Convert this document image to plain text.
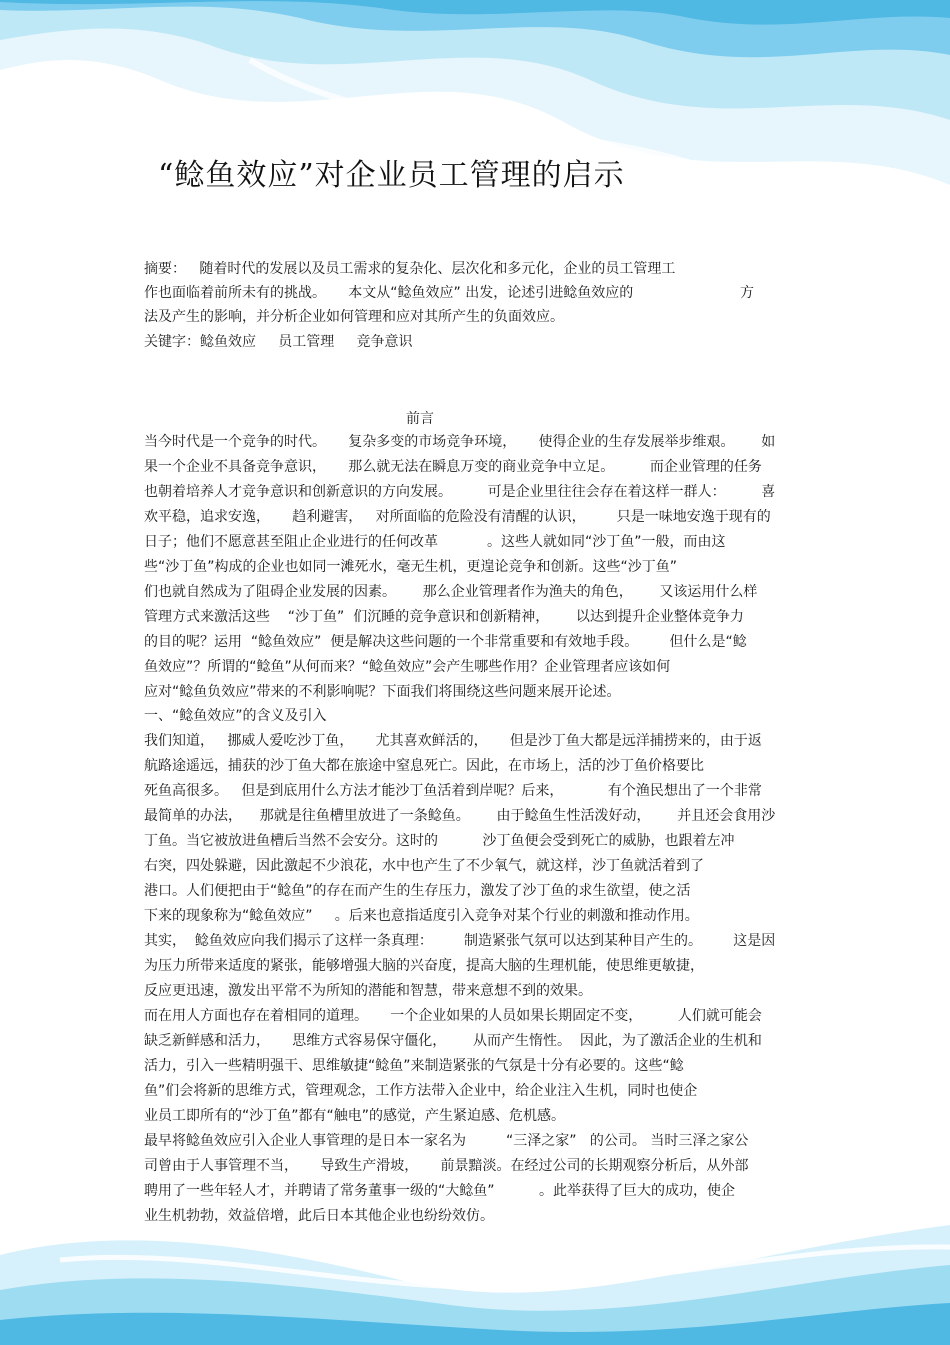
“鲶鱼效应”对企业员工管理的启示
摘要： 随着时代的发展以及员工需求的复杂化、层次化和多元化，企业的员工管理工
作也面临着前所未有的挑战。     本文从“鲶鱼效应” 出发，论述引进鲶鱼效应的                        方
法及产生的影响，并分析企业如何管理和应对其所产生的负面效应。
关键字：鲶鱼效应     员工管理     竞争意识
前言
当今时代是一个竞争的时代。     复杂多变的市场竞争环境，     使得企业的生存发展举步维艰。      如
果一个企业不具备竞争意识，     那么就无法在瞬息万变的商业竞争中立足。        而企业管理的任务
也朝着培养人才竞争意识和创新意识的方向发展。        可是企业里往往会存在着这样一群人：        喜
欢平稳，追求安逸，     趋利避害，   对所面临的危险没有清醒的认识，       只是一味地安逸于现有的
日子；他们不愿意甚至阻止企业进行的任何改革           。这些人就如同“沙丁鱼”一般，而由这
些“沙丁鱼”构成的企业也如同一滩死水，毫无生机，更遑论竞争和创新。这些“沙丁鱼”
们也就自然成为了阻碍企业发展的因素。      那么企业管理者作为渔夫的角色，      又该运用什么样
管理方式来激活这些    “沙丁鱼”  们沉睡的竞争意识和创新精神，      以达到提升企业整体竞争力
的目的呢？运用  “鲶鱼效应”  便是解决这些问题的一个非常重要和有效地手段。       但什么是“鲶
鱼效应”？所谓的“鲶鱼”从何而来？“鲶鱼效应”会产生哪些作用？企业管理者应该如何
应对“鲶鱼负效应”带来的不利影响呢？下面我们将围绕这些问题来展开论述。
一、“鲶鱼效应”的含义及引入
我们知道，   挪威人爱吃沙丁鱼，     尤其喜欢鲜活的，     但是沙丁鱼大都是远洋捕捞来的，由于返
航路途遥远，捕获的沙丁鱼大都在旅途中窒息死亡。因此，在市场上，活的沙丁鱼价格要比
死鱼高很多。   但是到底用什么方法才能沙丁鱼活着到岸呢？后来，          有个渔民想出了一个非常
最简单的办法，    那就是往鱼槽里放进了一条鲶鱼。      由于鲶鱼生性活泼好动，      并且还会食用沙
丁鱼。当它被放进鱼槽后当然不会安分。这时的          沙丁鱼便会受到死亡的威胁，也跟着左冲
右突，四处躲避，因此激起不少浪花，水中也产生了不少氧气，就这样，沙丁鱼就活着到了
港口。人们便把由于“鲶鱼”的存在而产生的生存压力，激发了沙丁鱼的求生欲望，使之活
下来的现象称为“鲶鱼效应”     。后来也意指适度引入竞争对某个行业的刺激和推动作用。
其实，  鲶鱼效应向我们揭示了这样一条真理：       制造紧张气氛可以达到某种目产生的。       这是因
为压力所带来适度的紧张，能够增强大脑的兴奋度，提高大脑的生理机能，使思维更敏捷，
反应更迅速，激发出平常不为所知的潜能和智慧，带来意想不到的效果。
而在用人方面也存在着相同的道理。     一个企业如果的人员如果长期固定不变，        人们就可能会
缺乏新鲜感和活力，     思维方式容易保守僵化，      从而产生惰性。  因此，为了激活企业的生机和
活力，引入一些精明强干、思维敏捷“鲶鱼”来制造紧张的气氛是十分有必要的。这些“鲶
鱼”们会将新的思维方式，管理观念，工作方法带入企业中，给企业注入生机，同时也使企
业员工即所有的“沙丁鱼”都有“触电”的感觉，产生紧迫感、危机感。
最早将鲶鱼效应引入企业人事管理的是日本一家名为         “三泽之家”   的公司。 当时三泽之家公
司曾由于人事管理不当，     导致生产滑坡，     前景黯淡。在经过公司的长期观察分析后，从外部
聘用了一些年轻人才，并聘请了常务董事一级的“大鲶鱼”          。此举获得了巨大的成功，使企
业生机勃勃，效益倍增，此后日本其他企业也纷纷效仿。
